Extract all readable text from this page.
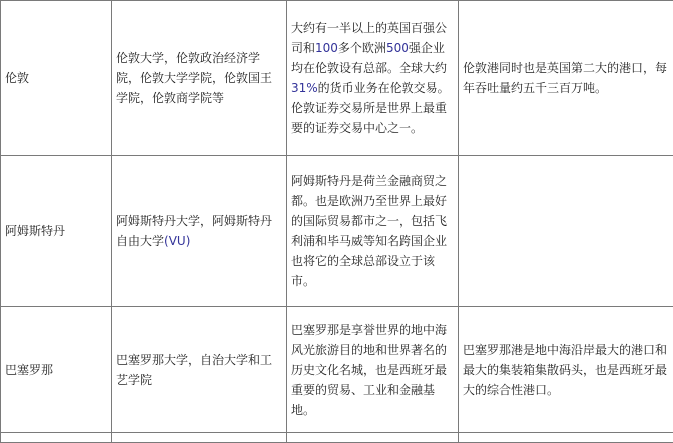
伦敦	伦敦大学，伦敦政治经济学院，伦敦大学学院，伦敦国王学院，伦敦商学院等	大约有一半以上的英国百强公司和100多个欧洲500强企业均在伦敦设有总部。全球大约31%的货币业务在伦敦交易。伦敦证券交易所是世界上最重要的证券交易中心之一。	伦敦港同时也是英国第二大的港口，每年吞吐量约五千三百万吨。
阿姆斯特丹	阿姆斯特丹大学，阿姆斯特丹自由大学(VU)	阿姆斯特丹是荷兰金融商贸之都。也是欧洲乃至世界上最好的国际贸易都市之一，包括飞利浦和毕马威等知名跨国企业也将它的全球总部设立于该市。	
巴塞罗那	巴塞罗那大学，自治大学和工艺学院	巴塞罗那是享誉世界的地中海风光旅游目的地和世界著名的历史文化名城，也是西班牙最重要的贸易、工业和金融基地。	巴塞罗那港是地中海沿岸最大的港口和最大的集装箱集散码头，也是西班牙最大的综合性港口。
